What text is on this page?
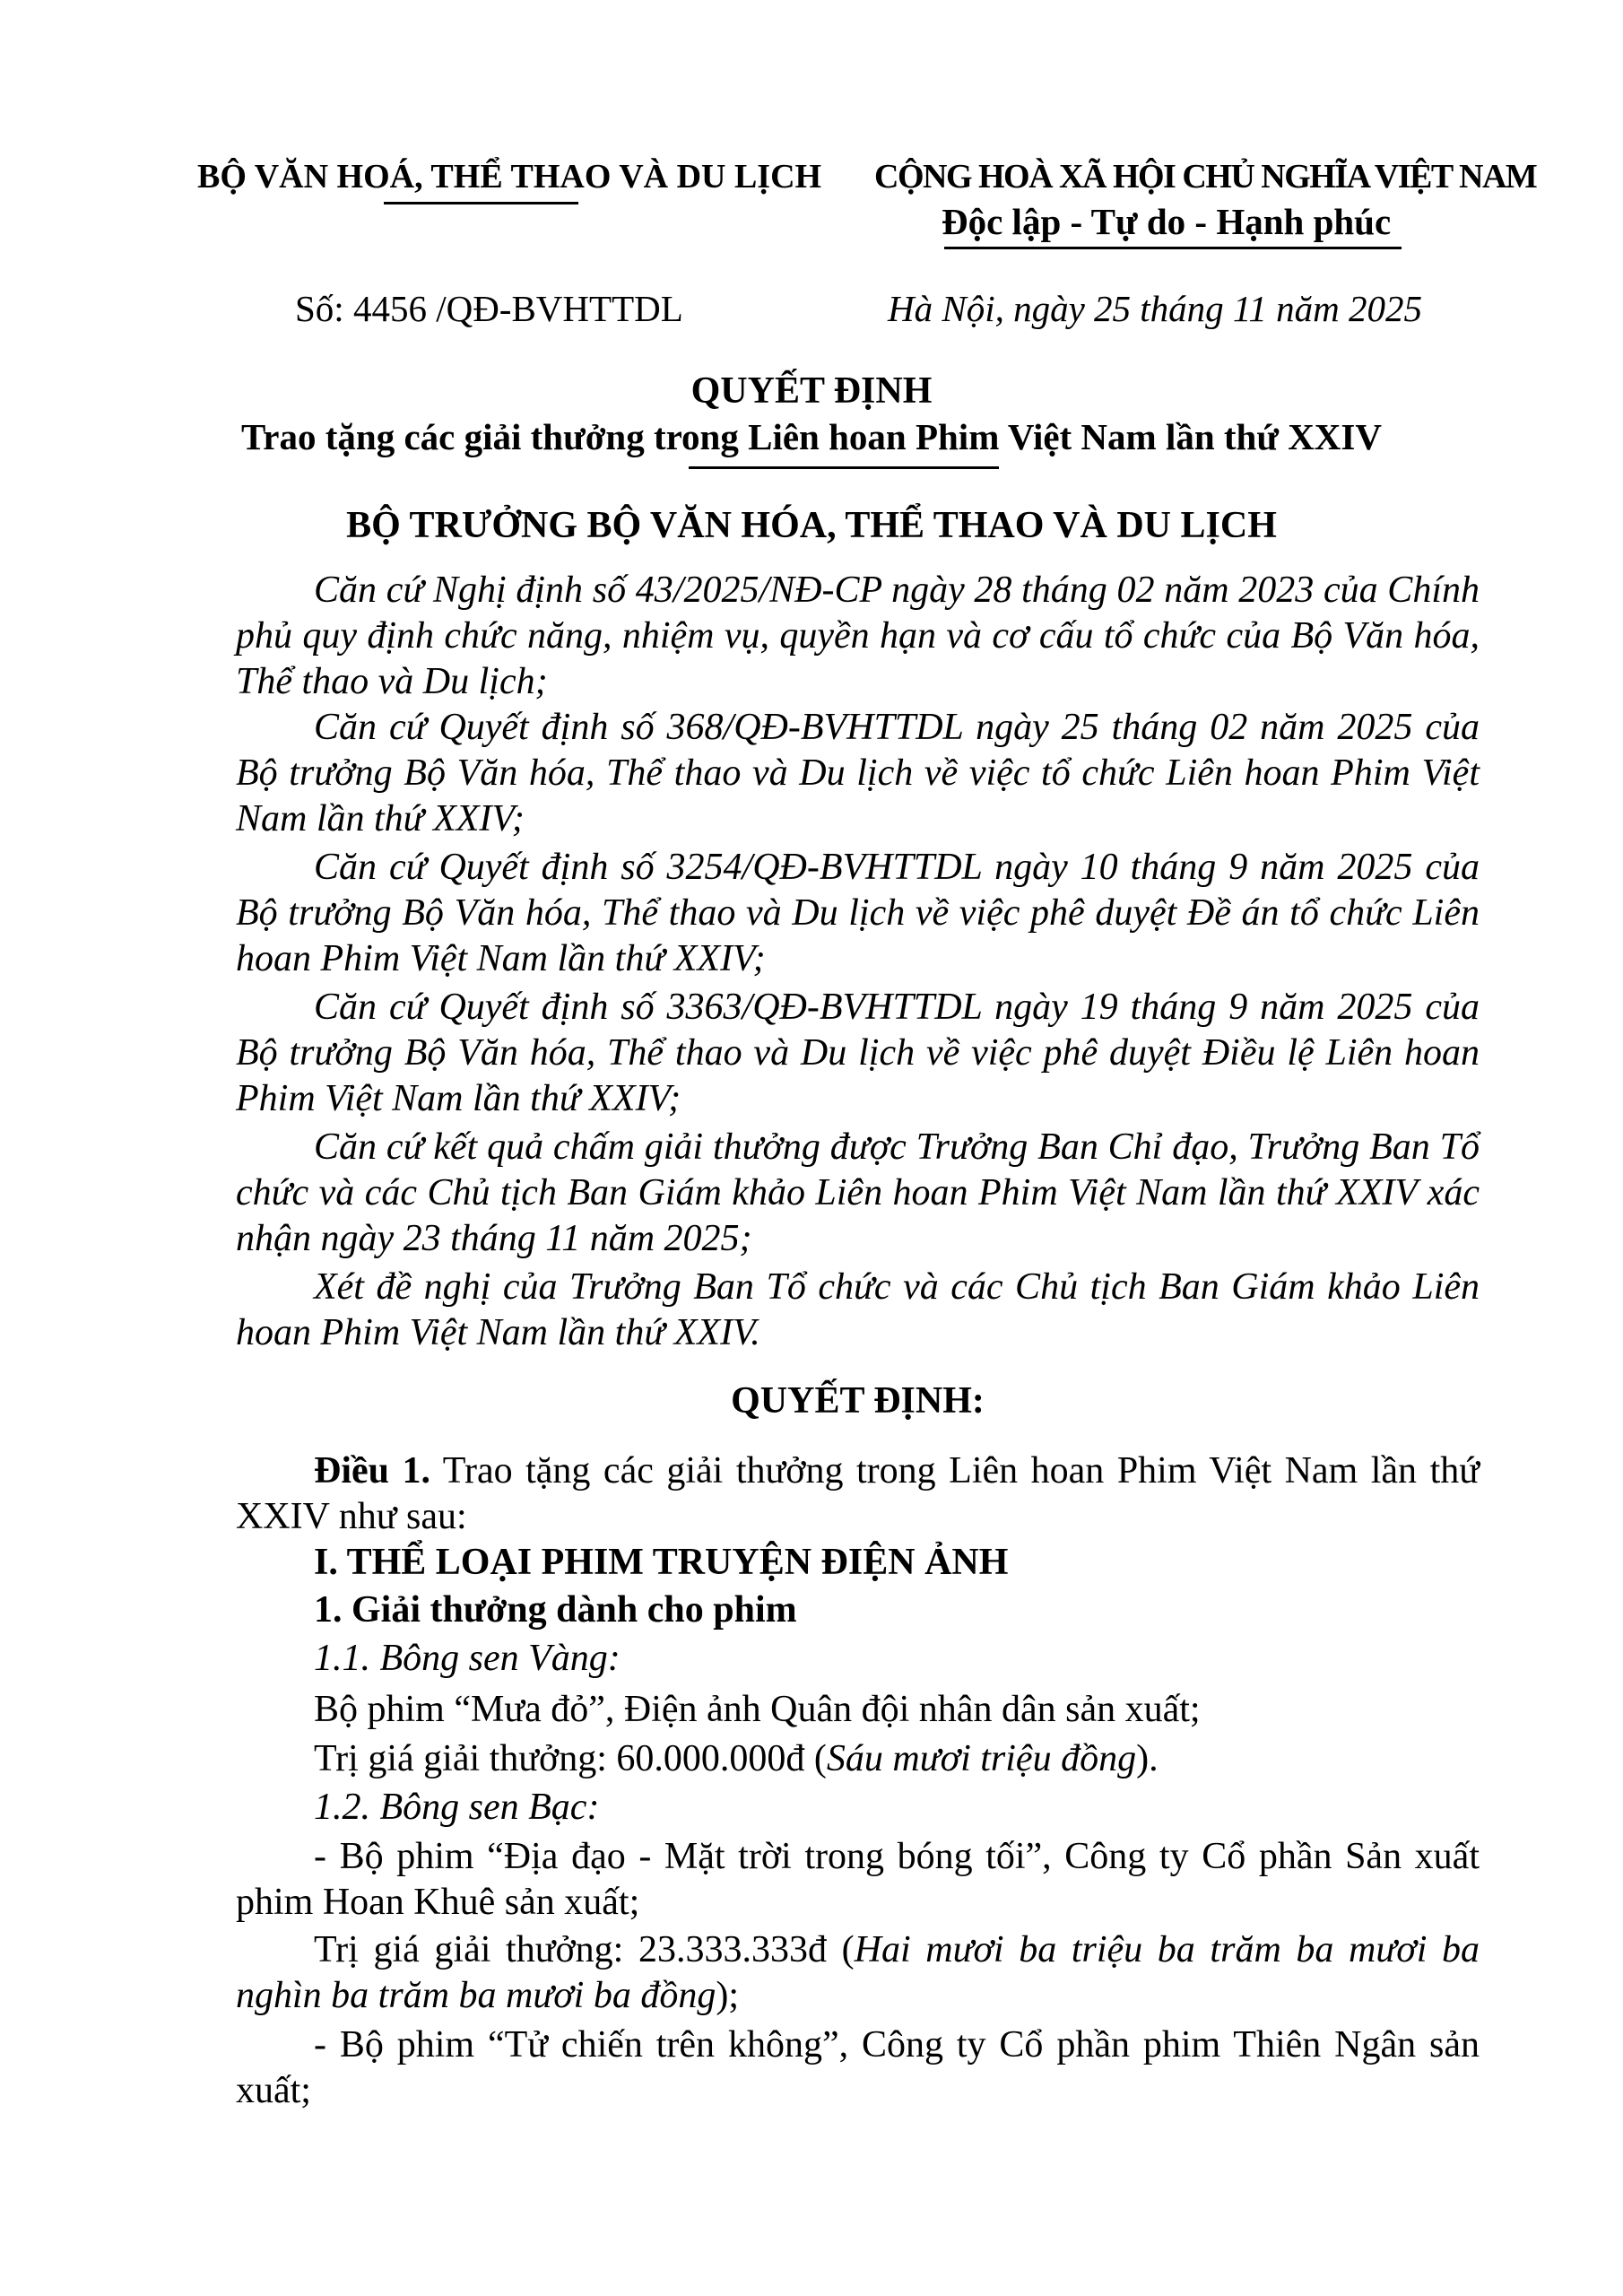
BỘ VĂN HOÁ, THỂ THAO VÀ DU LỊCH CỘNG HOÀ XÃ HỘI CHỦ NGHĨA VIỆT NAM
Độc lập - Tự do - Hạnh phúc
Số: 4456 /QĐ-BVHTTDL	Hà Nội, ngày 25 tháng 11 năm 2025
QUYẾT ĐỊNH
Trao tặng các giải thưởng trong Liên hoan Phim Việt Nam lần thứ XXIV
BỘ TRƯỞNG BỘ VĂN HÓA, THỂ THAO VÀ DU LỊCH

Căn cứ Nghị định số 43/2025/NĐ-CP ngày 28 tháng 02 năm 2023 của Chính phủ quy định chức năng, nhiệm vụ, quyền hạn và cơ cấu tổ chức của Bộ Văn hóa, Thể thao và Du lịch;

Căn cứ Quyết định số 368/QĐ-BVHTTDL ngày 25 tháng 02 năm 2025 của Bộ trưởng Bộ Văn hóa, Thể thao và Du lịch về việc tổ chức Liên hoan Phim Việt Nam lần thứ XXIV;

Căn cứ Quyết định số 3254/QĐ-BVHTTDL ngày 10 tháng 9 năm 2025 của Bộ trưởng Bộ Văn hóa, Thể thao và Du lịch về việc phê duyệt Đề án tổ chức Liên hoan Phim Việt Nam lần thứ XXIV;

Căn cứ Quyết định số 3363/QĐ-BVHTTDL ngày 19 tháng 9 năm 2025 của Bộ trưởng Bộ Văn hóa, Thể thao và Du lịch về việc phê duyệt Điều lệ Liên hoan Phim Việt Nam lần thứ XXIV;

Căn cứ kết quả chấm giải thưởng được Trưởng Ban Chỉ đạo, Trưởng Ban Tổ chức và các Chủ tịch Ban Giám khảo Liên hoan Phim Việt Nam lần thứ XXIV xác nhận ngày 23 tháng 11 năm 2025;

Xét đề nghị của Trưởng Ban Tổ chức và các Chủ tịch Ban Giám khảo Liên hoan Phim Việt Nam lần thứ XXIV.

QUYẾT ĐỊNH:

Điều 1. Trao tặng các giải thưởng trong Liên hoan Phim Việt Nam lần thứ XXIV như sau:

I. THỂ LOẠI PHIM TRUYỆN ĐIỆN ẢNH

1. Giải thưởng dành cho phim

1.1. Bông sen Vàng:

Bộ phim “Mưa đỏ”, Điện ảnh Quân đội nhân dân sản xuất;

Trị giá giải thưởng: 60.000.000đ (Sáu mươi triệu đồng).

1.2. Bông sen Bạc:

- Bộ phim “Địa đạo - Mặt trời trong bóng tối”, Công ty Cổ phần Sản xuất phim Hoan Khuê sản xuất;

Trị giá giải thưởng: 23.333.333đ (Hai mươi ba triệu ba trăm ba mươi ba nghìn ba trăm ba mươi ba đồng);

- Bộ phim “Tử chiến trên không”, Công ty Cổ phần phim Thiên Ngân sản xuất;
